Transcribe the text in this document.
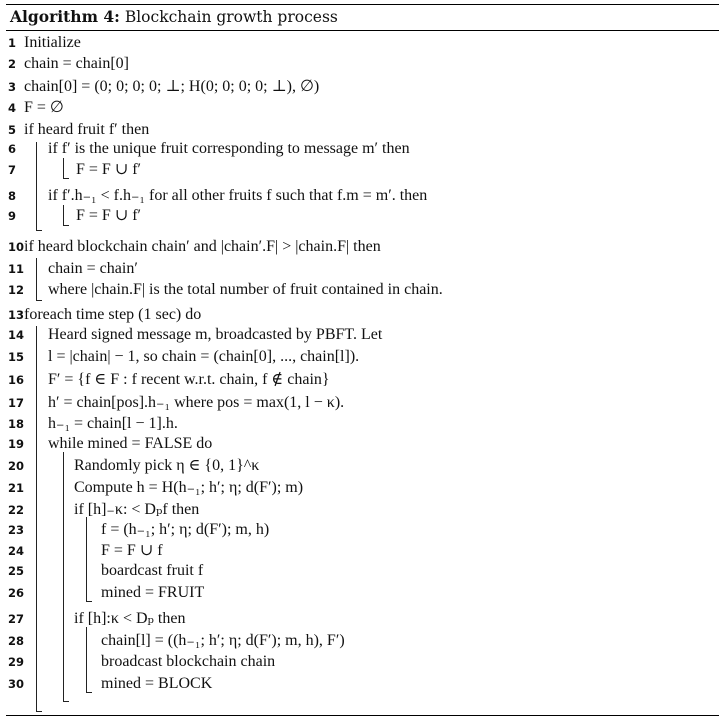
Algorithm 4: Blockchain growth process
1 Initialize
2 chain = chain[0]
3 chain[0] = (0; 0; 0; 0; ⊥; H(0; 0; 0; 0; ⊥), ∅)
4 F = ∅
5 if heard fruit f′ then
6 if f′ is the unique fruit corresponding to message m′ then
7	F = F ∪ f′
8 if f′.h₋₁ < f.h₋₁ for all other fruits f such that f.m = m′. then
9	F = F ∪ f′
10 if heard blockchain chain′ and |chain′.F| > |chain.F| then
11 chain = chain′
12 where |chain.F| is the total number of fruit contained in chain.
13 foreach time step (1 sec) do
14 Heard signed message m, broadcasted by PBFT. Let
15 l = |chain| − 1, so chain = (chain[0], ..., chain[l]).
16 F′ = {f ∈ F : f recent w.r.t. chain, f ∉ chain}
17 h′ = chain[pos].h₋₁ where pos = max(1, l − κ).
18 h₋₁ = chain[l − 1].h.
19 while mined = FALSE do
20	Randomly pick η ∈ {0, 1}^κ
21	Compute h = H(h₋₁; h′; η; d(F′); m)
22	if [h]₋κ: < Dₚf then
23	f = (h₋₁; h′; η; d(F′); m, h)
24	F = F ∪ f
25	boardcast fruit f
26	mined = FRUIT
27	if [h]:κ < Dₚ then
28	chain[l] = ((h₋₁; h′; η; d(F′); m, h), F′)
29	broadcast blockchain chain
30	mined = BLOCK
